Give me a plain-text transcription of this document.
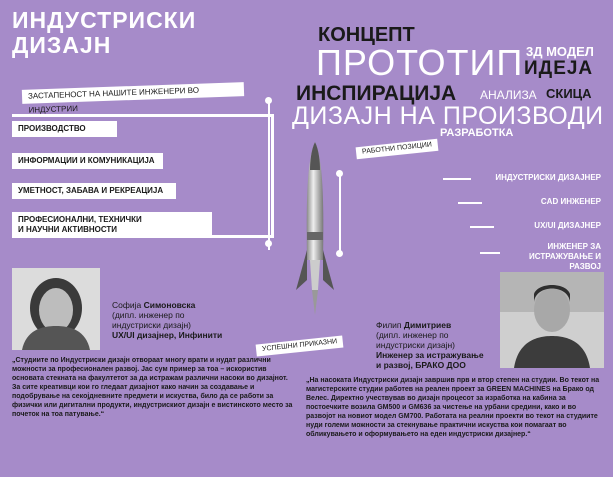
ИНДУСТРИСКИ
ДИЗАЈН
ЗАСТАПЕНОСТ НА НАШИТЕ ИНЖЕНЕРИ ВО ИНДУСТРИИ
ПРОИЗВОДСТВО
ИНФОРМАЦИИ И КОМУНИКАЦИЈА
УМЕТНОСТ, ЗАБАВА И РЕКРЕАЦИЈА
ПРОФЕСИОНАЛНИ, ТЕХНИЧКИ
И НАУЧНИ АКТИВНОСТИ
КОНЦЕПТ
ПРОТОТИП 3Д МОДЕЛ
ИДЕЈА
ИНСПИРАЦИЈА АНАЛИЗА СКИЦА
ДИЗАЈН НА ПРОИЗВОДИ
РАЗРАБОТКА
РАБОТНИ ПОЗИЦИИ
ИНДУСТРИСКИ ДИЗАЈНЕР
CAD ИНЖЕНЕР
UX/UI ДИЗАЈНЕР
ИНЖЕНЕР ЗА
ИСТРАЖУВАЊЕ И РАЗВОЈ
УСПЕШНИ ПРИКАЗНИ
Софија Симоновска
(дипл. инженер по
индустриски дизајн)
UX/UI дизајнер, Инфинити
„Студиите по Индустриски дизајн отвораат многу врати и нудат различни можности за професионален развој. Јас сум пример за тоа – искористив основата стекната на факултетот за да истражам различни насоки во дизајнот. За сите креативци кои го гледаат дизајнот како начин за создавање и подобрување на секојдневните предмети и искуства, било да се работи за физички или дигитални продукти, индустрискиот дизајн е вистинското место за почеток на тоа патување.“
Филип Димитриев
(дипл. инженер по
индустриски дизајн)
Инженер за истражување
и развој, БРАКО ДОО
„На насоката Индустриски дизајн завршив прв и втор степен на студии. Во текот на магистерските студии работев на реален проект за GREEN MACHINES на Брако од Велес. Директно учествував во дизајн процесот за изработка на кабина за постоечките возила GM500 и GM636 за чистење на урбани средини, како и во развојот на новиот модел GM700. Работата на реални проекти во текот на студиите нуди големи можности за стекнување практични искуства кои помагаат во обликувањето и оформувањето на еден индустриски дизајнер.“
